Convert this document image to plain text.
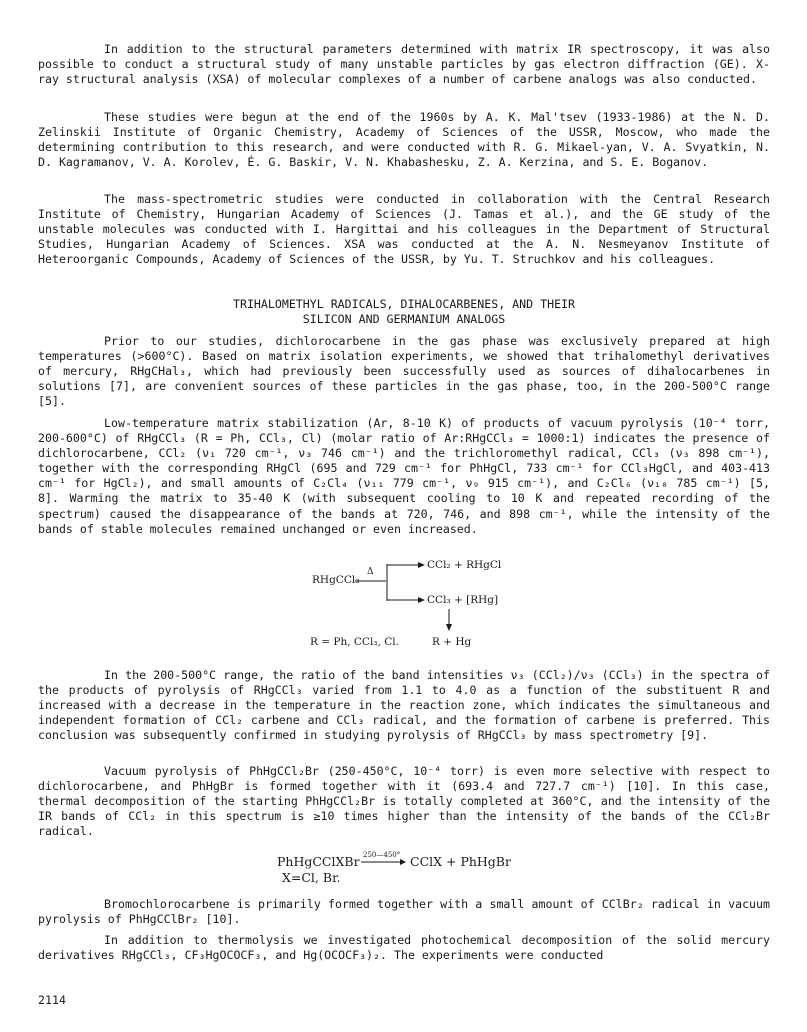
In addition to the structural parameters determined with matrix IR spectroscopy, it was also possible to conduct a structural study of many unstable particles by gas electron diffraction (GE). X-ray structural analysis (XSA) of molecular complexes of a number of carbene analogs was also conducted.

These studies were begun at the end of the 1960s by A. K. Mal'tsev (1933-1986) at the N. D. Zelinskii Institute of Organic Chemistry, Academy of Sciences of the USSR, Moscow, who made the determining contribution to this research, and were conducted with R. G. Mikael-yan, V. A. Svyatkin, N. D. Kagramanov, V. A. Korolev, É. G. Baskir, V. N. Khabashesku, Z. A. Kerzina, and S. E. Boganov.

The mass-spectrometric studies were conducted in collaboration with the Central Research Institute of Chemistry, Hungarian Academy of Sciences (J. Tamas et al.), and the GE study of the unstable molecules was conducted with I. Hargittai and his colleagues in the Department of Structural Studies, Hungarian Academy of Sciences. XSA was conducted at the A. N. Nesmeyanov Institute of Heteroorganic Compounds, Academy of Sciences of the USSR, by Yu. T. Struchkov and his colleagues.

TRIHALOMETHYL RADICALS, DIHALOCARBENES, AND THEIR
SILICON AND GERMANIUM ANALOGS

Prior to our studies, dichlorocarbene in the gas phase was exclusively prepared at high temperatures (>600°C). Based on matrix isolation experiments, we showed that trihalomethyl derivatives of mercury, RHgCHal₃, which had previously been successfully used as sources of dihalocarbenes in solutions [7], are convenient sources of these particles in the gas phase, too, in the 200-500°C range [5].

Low-temperature matrix stabilization (Ar, 8-10 K) of products of vacuum pyrolysis (10⁻⁴ torr, 200-600°C) of RHgCCl₃ (R = Ph, CCl₃, Cl) (molar ratio of Ar:RHgCCl₃ = 1000:1) indicates the presence of dichlorocarbene, CCl₂ (ν₁ 720 cm⁻¹, ν₃ 746 cm⁻¹) and the trichloromethyl radical, CCl₃ (ν₃ 898 cm⁻¹), together with the corresponding RHgCl (695 and 729 cm⁻¹ for PhHgCl, 733 cm⁻¹ for CCl₃HgCl, and 403-413 cm⁻¹ for HgCl₂), and small amounts of C₂Cl₄ (ν₁₁ 779 cm⁻¹, ν₉ 915 cm⁻¹), and C₂Cl₆ (ν₁₀ 785 cm⁻¹) [5, 8]. Warming the matrix to 35-40 K (with subsequent cooling to 10 K and repeated recording of the spectrum) caused the disappearance of the bands at 720, 746, and 898 cm⁻¹, while the intensity of the bands of stable molecules remained unchanged or even increased.

RHgCCl₃
Δ
CCl₂ + RHgCl
CCl₃ + [RHg]
R = Ph, CCl₃, Cl.	R + Hg

In the 200-500°C range, the ratio of the band intensities ν₃ (CCl₂)/ν₃ (CCl₃) in the spectra of the products of pyrolysis of RHgCCl₃ varied from 1.1 to 4.0 as a function of the substituent R and increased with a decrease in the temperature in the reaction zone, which indicates the simultaneous and independent formation of CCl₂ carbene and CCl₃ radical, and the formation of carbene is preferred. This conclusion was subsequently confirmed in studying pyrolysis of RHgCCl₃ by mass spectrometry [9].

Vacuum pyrolysis of PhHgCCl₂Br (250-450°C, 10⁻⁴ torr) is even more selective with respect to dichlorocarbene, and PhHgBr is formed together with it (693.4 and 727.7 cm⁻¹) [10]. In this case, thermal decomposition of the starting PhHgCCl₂Br is totally completed at 360°C, and the intensity of the IR bands of CCl₂ in this spectrum is ≥10 times higher than the intensity of the bands of the CCl₂Br radical.

PhHgCClXBr 250—450° CClX + PhHgBr
X=Cl, Br.

Bromochlorocarbene is primarily formed together with a small amount of CClBr₂ radical in vacuum pyrolysis of PhHgCClBr₂ [10].

In addition to thermolysis we investigated photochemical decomposition of the solid mercury derivatives RHgCCl₃, CF₃HgOCOCF₃, and Hg(OCOCF₃)₂. The experiments were conducted

2114
